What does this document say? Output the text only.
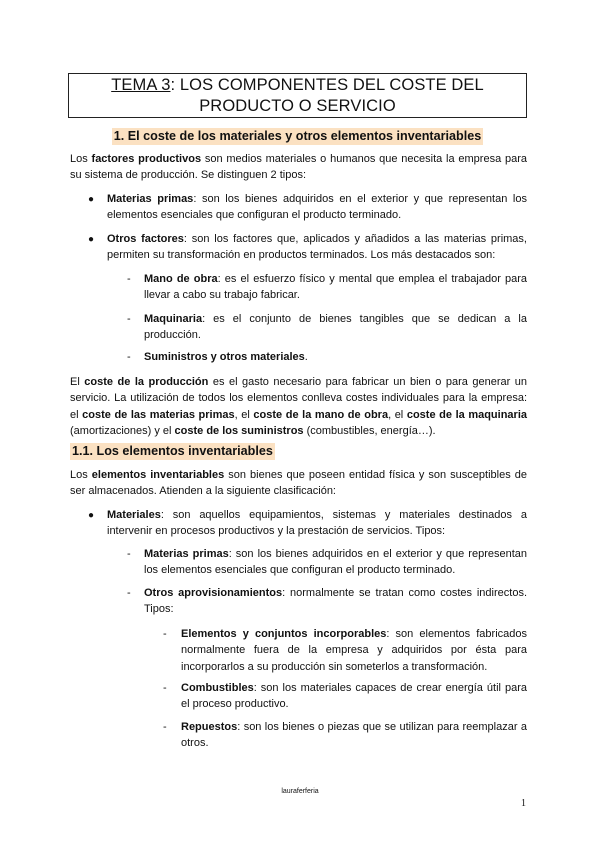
TEMA 3: LOS COMPONENTES DEL COSTE DEL
PRODUCTO O SERVICIO
1. El coste de los materiales y otros elementos inventariables
Los factores productivos son medios materiales o humanos que necesita la empresa para su sistema de producción. Se distinguen 2 tipos:
● Materias primas: son los bienes adquiridos en el exterior y que representan los elementos esenciales que configuran el producto terminado.
● Otros factores: son los factores que, aplicados y añadidos a las materias primas, permiten su transformación en productos terminados. Los más destacados son:
- Mano de obra: es el esfuerzo físico y mental que emplea el trabajador para llevar a cabo su trabajo fabricar.
- Maquinaria: es el conjunto de bienes tangibles que se dedican a la producción.
- Suministros y otros materiales.
El coste de la producción es el gasto necesario para fabricar un bien o para generar un servicio. La utilización de todos los elementos conlleva costes individuales para la empresa: el coste de las materias primas, el coste de la mano de obra, el coste de la maquinaria (amortizaciones) y el coste de los suministros (combustibles, energía…).
1.1. Los elementos inventariables
Los elementos inventariables son bienes que poseen entidad física y son susceptibles de ser almacenados. Atienden a la siguiente clasificación:
● Materiales: son aquellos equipamientos, sistemas y materiales destinados a intervenir en procesos productivos y la prestación de servicios. Tipos:
- Materias primas: son los bienes adquiridos en el exterior y que representan los elementos esenciales que configuran el producto terminado.
- Otros aprovisionamientos: normalmente se tratan como costes indirectos. Tipos:
- Elementos y conjuntos incorporables: son elementos fabricados normalmente fuera de la empresa y adquiridos por ésta para incorporarlos a su producción sin someterlos a transformación.
- Combustibles: son los materiales capaces de crear energía útil para el proceso productivo.
- Repuestos: son los bienes o piezas que se utilizan para reemplazar a otros.
lauraferferia
1
